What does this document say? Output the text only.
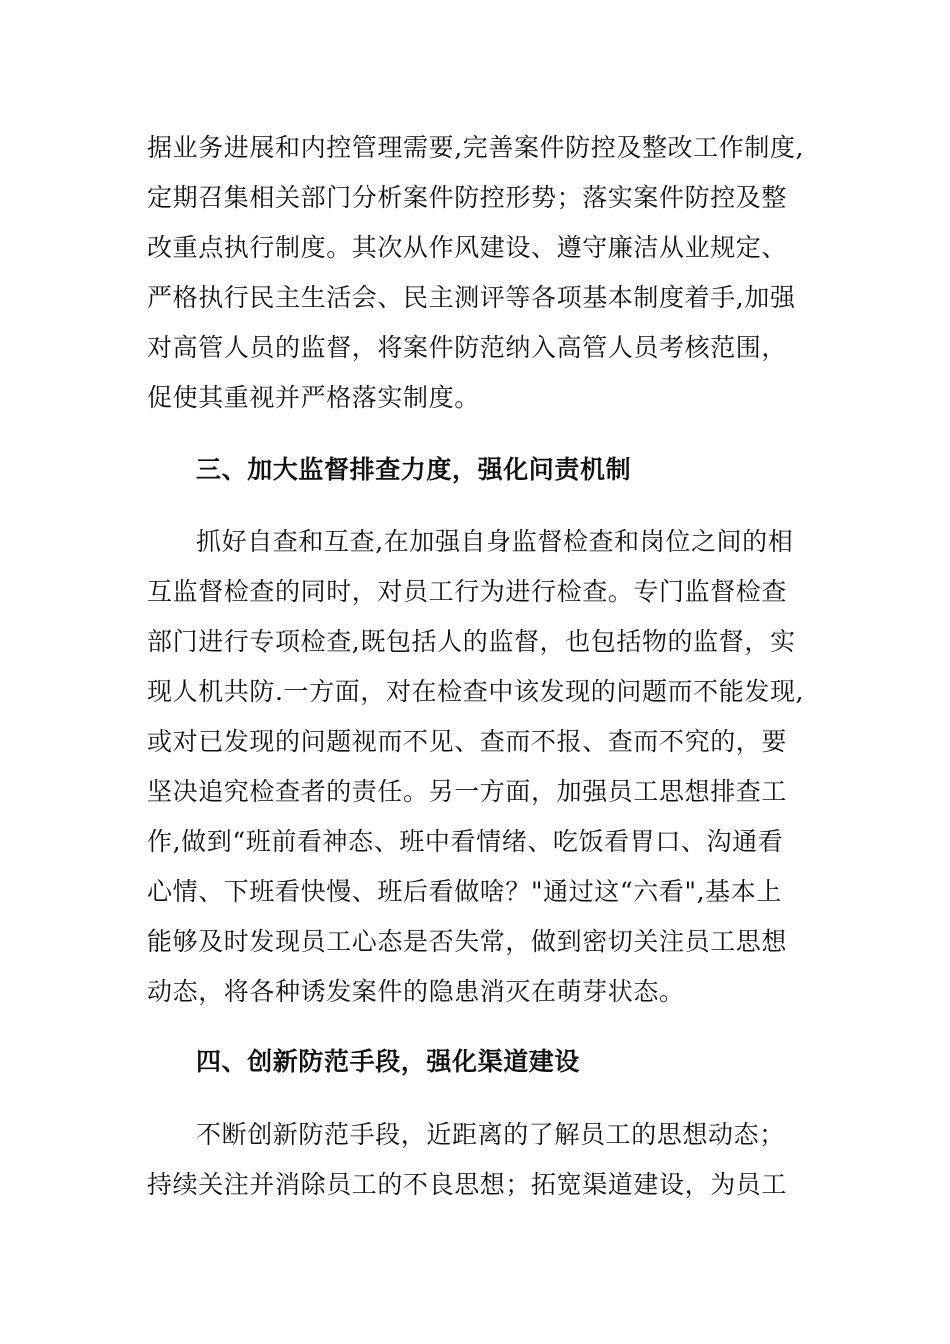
据业务进展和内控管理需要,完善案件防控及整改工作制度,
定期召集相关部门分析案件防控形势；落实案件防控及整
改重点执行制度。其次从作风建设、遵守廉洁从业规定、
严格执行民主生活会、民主测评等各项基本制度着手,加强
对高管人员的监督，将案件防范纳入高管人员考核范围，
促使其重视并严格落实制度。
三、加大监督排查力度，强化问责机制
抓好自查和互查,在加强自身监督检查和岗位之间的相
互监督检查的同时，对员工行为进行检查。专门监督检查
部门进行专项检查,既包括人的监督，也包括物的监督，实
现人机共防.一方面，对在检查中该发现的问题而不能发现,
或对已发现的问题视而不见、查而不报、查而不究的，要
坚决追究检查者的责任。另一方面，加强员工思想排查工
作,做到“班前看神态、班中看情绪、吃饭看胃口、沟通看
心情、下班看快慢、班后看做啥？"通过这“六看",基本上
能够及时发现员工心态是否失常，做到密切关注员工思想
动态，将各种诱发案件的隐患消灭在萌芽状态。
四、创新防范手段，强化渠道建设
不断创新防范手段，近距离的了解员工的思想动态；
持续关注并消除员工的不良思想；拓宽渠道建设，为员工
